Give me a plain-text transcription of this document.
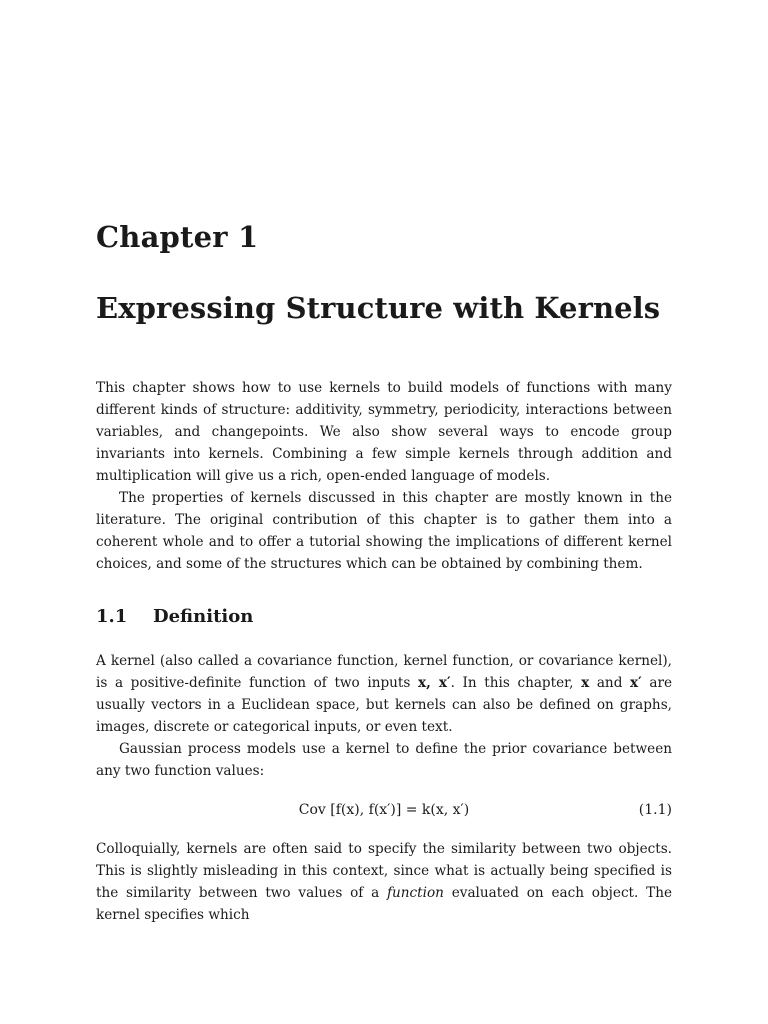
Chapter 1
Expressing Structure with Kernels

This chapter shows how to use kernels to build models of functions with many different kinds of structure: additivity, symmetry, periodicity, interactions between variables, and changepoints. We also show several ways to encode group invariants into kernels. Combining a few simple kernels through addition and multiplication will give us a rich, open-ended language of models.

The properties of kernels discussed in this chapter are mostly known in the literature. The original contribution of this chapter is to gather them into a coherent whole and to offer a tutorial showing the implications of different kernel choices, and some of the structures which can be obtained by combining them.

1.1 Definition

A kernel (also called a covariance function, kernel function, or covariance kernel), is a positive-definite function of two inputs x, x′. In this chapter, x and x′ are usually vectors in a Euclidean space, but kernels can also be defined on graphs, images, discrete or categorical inputs, or even text.

Gaussian process models use a kernel to define the prior covariance between any two function values:

Cov [f(x), f(x′)] = k(x, x′)	(1.1)

Colloquially, kernels are often said to specify the similarity between two objects. This is slightly misleading in this context, since what is actually being specified is the similarity between two values of a function evaluated on each object. The kernel specifies which
